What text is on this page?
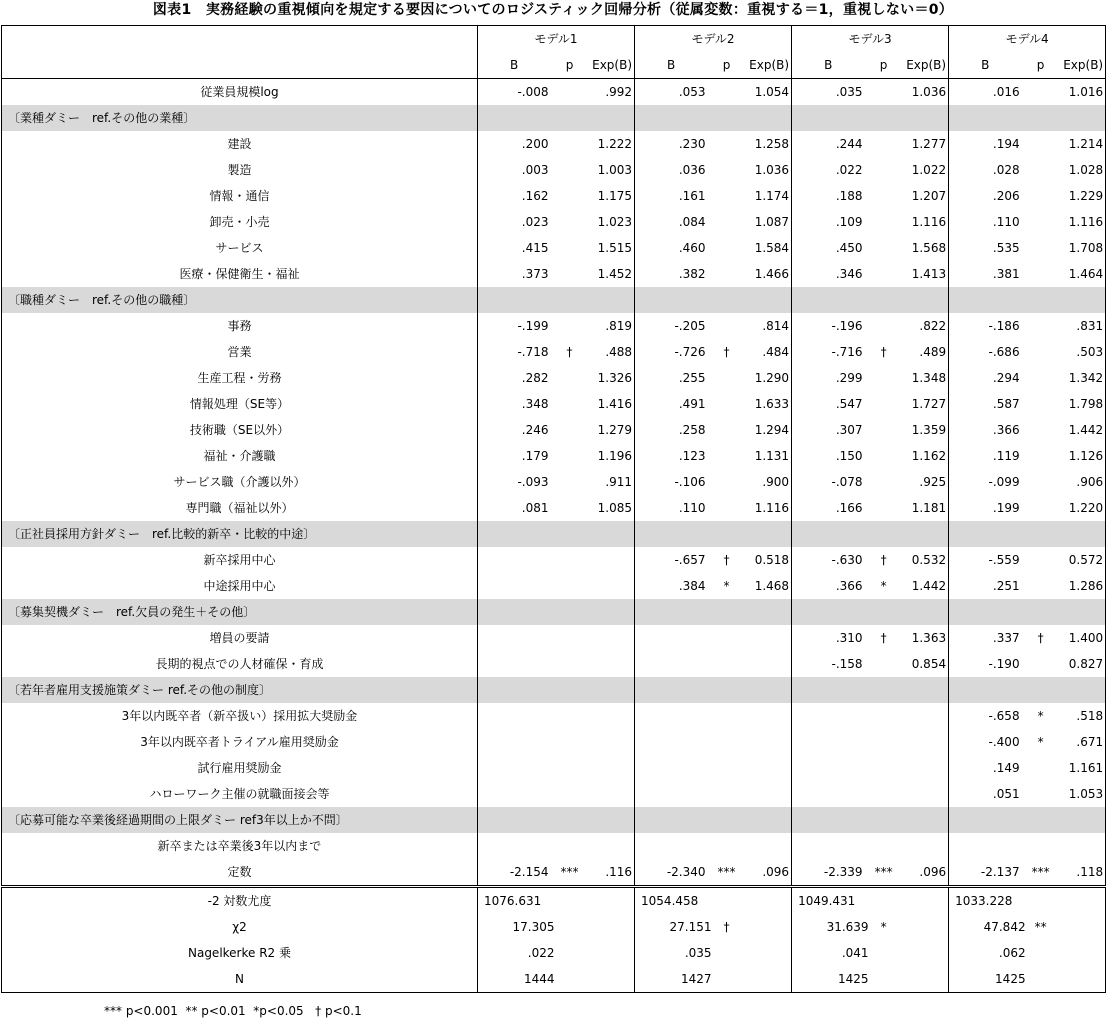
図表1　実務経験の重視傾向を規定する要因についてのロジスティック回帰分析（従属変数：重視する＝1，重視しない＝0）
	モデル1			モデル2			モデル3			モデル4		
	B	p	Exp(B)	B	p	Exp(B)	B	p	Exp(B)	B	p	Exp(B)
従業員規模log	-.008		.992	.053		1.054	.035		1.036	.016		1.016
〔業種ダミー　ref.その他の業種〕												
建設	.200		1.222	.230		1.258	.244		1.277	.194		1.214
製造	.003		1.003	.036		1.036	.022		1.022	.028		1.028
情報・通信	.162		1.175	.161		1.174	.188		1.207	.206		1.229
卸売・小売	.023		1.023	.084		1.087	.109		1.116	.110		1.116
サービス	.415		1.515	.460		1.584	.450		1.568	.535		1.708
医療・保健衛生・福祉	.373		1.452	.382		1.466	.346		1.413	.381		1.464
〔職種ダミー　ref.その他の職種〕												
事務	-.199		.819	-.205		.814	-.196		.822	-.186		.831
営業	-.718	†	.488	-.726	†	.484	-.716	†	.489	-.686		.503
生産工程・労務	.282		1.326	.255		1.290	.299		1.348	.294		1.342
情報処理（SE等）	.348		1.416	.491		1.633	.547		1.727	.587		1.798
技術職（SE以外）	.246		1.279	.258		1.294	.307		1.359	.366		1.442
福祉・介護職	.179		1.196	.123		1.131	.150		1.162	.119		1.126
サービス職（介護以外）	-.093		.911	-.106		.900	-.078		.925	-.099		.906
専門職（福祉以外）	.081		1.085	.110		1.116	.166		1.181	.199		1.220
〔正社員採用方針ダミー　ref.比較的新卒・比較的中途〕												
新卒採用中心				-.657	†	0.518	-.630	†	0.532	-.559		0.572
中途採用中心				.384	*	1.468	.366	*	1.442	.251		1.286
〔募集契機ダミー　ref.欠員の発生＋その他〕												
増員の要請							.310	†	1.363	.337	†	1.400
長期的視点での人材確保・育成							-.158		0.854	-.190		0.827
〔若年者雇用支援施策ダミー ref.その他の制度〕												
3年以内既卒者（新卒扱い）採用拡大奨励金										-.658	*	.518
3年以内既卒者トライアル雇用奨励金										-.400	*	.671
試行雇用奨励金										.149		1.161
ハローワーク主催の就職面接会等										.051		1.053
〔応募可能な卒業後経過期間の上限ダミー ref3年以上か不問〕												
新卒または卒業後3年以内まで												
定数	-2.154	***	.116	-2.340	***	.096	-2.339	***	.096	-2.137	***	.118
-2 対数尤度	1076.631			1054.458			1049.431			1033.228		
χ2	17.305			27.151	†		31.639	*		47.842	**	
Nagelkerke R2 乗	.022			.035			.041			.062		
N	1444			1427			1425			1425		
*** p<0.001  ** p<0.01  *p<0.05   † p<0.1
